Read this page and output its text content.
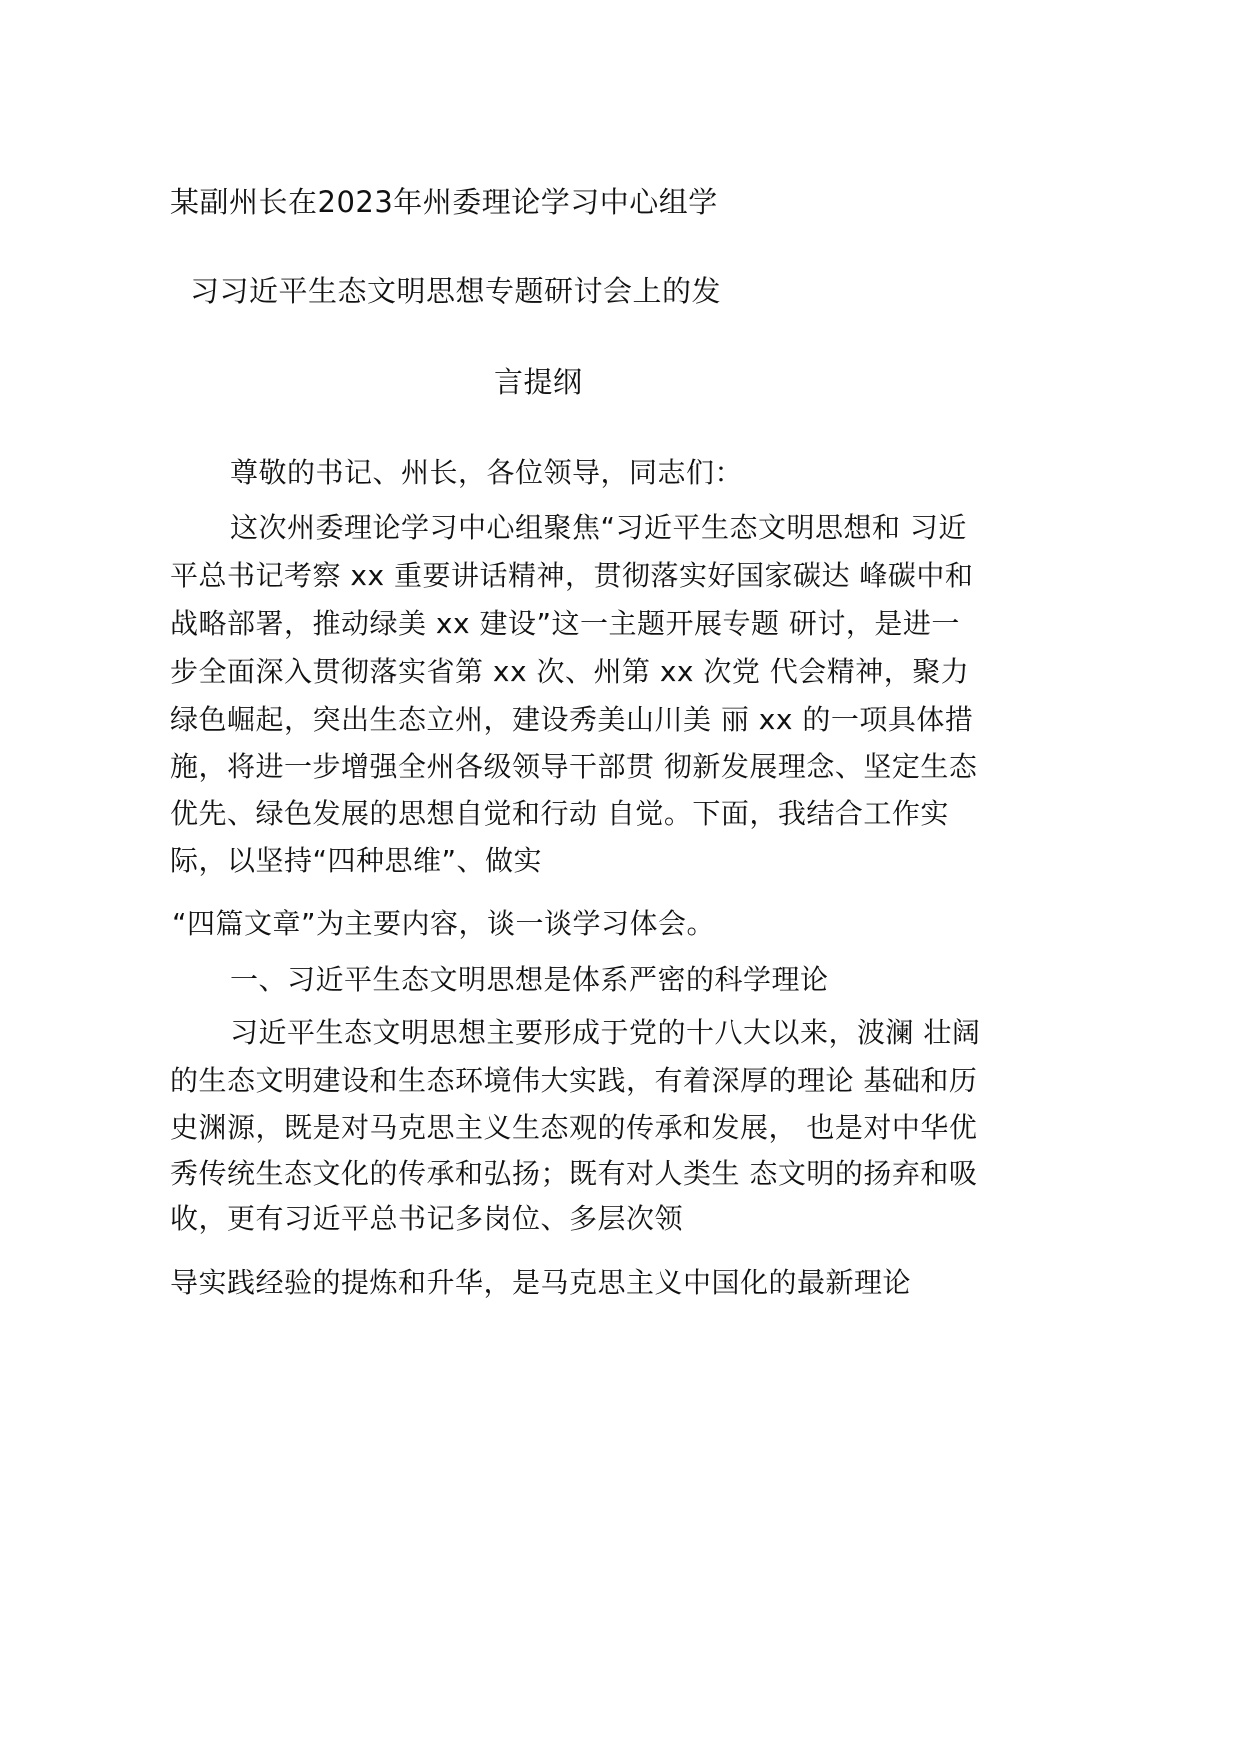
某副州长在2023年州委理论学习中心组学
习习近平生态文明思想专题研讨会上的发
言提纲
尊敬的书记、州长，各位领导，同志们：
这次州委理论学习中心组聚焦“习近平生态文明思想和 习近
平总书记考察 xx 重要讲话精神，贯彻落实好国家碳达 峰碳中和
战略部署，推动绿美 xx 建设”这一主题开展专题 研讨，是进一
步全面深入贯彻落实省第 xx 次、州第 xx 次党 代会精神，聚力
绿色崛起，突出生态立州，建设秀美山川美 丽 xx 的一项具体措
施，将进一步增强全州各级领导干部贯 彻新发展理念、坚定生态
优先、绿色发展的思想自觉和行动 自觉。下面，我结合工作实
际，以坚持“四种思维”、做实
“四篇文章”为主要内容，谈一谈学习体会。
一、习近平生态文明思想是体系严密的科学理论
习近平生态文明思想主要形成于党的十八大以来，波澜 壮阔
的生态文明建设和生态环境伟大实践，有着深厚的理论 基础和历
史渊源，既是对马克思主义生态观的传承和发展， 也是对中华优
秀传统生态文化的传承和弘扬；既有对人类生 态文明的扬弃和吸
收，更有习近平总书记多岗位、多层次领
导实践经验的提炼和升华，是马克思主义中国化的最新理论
